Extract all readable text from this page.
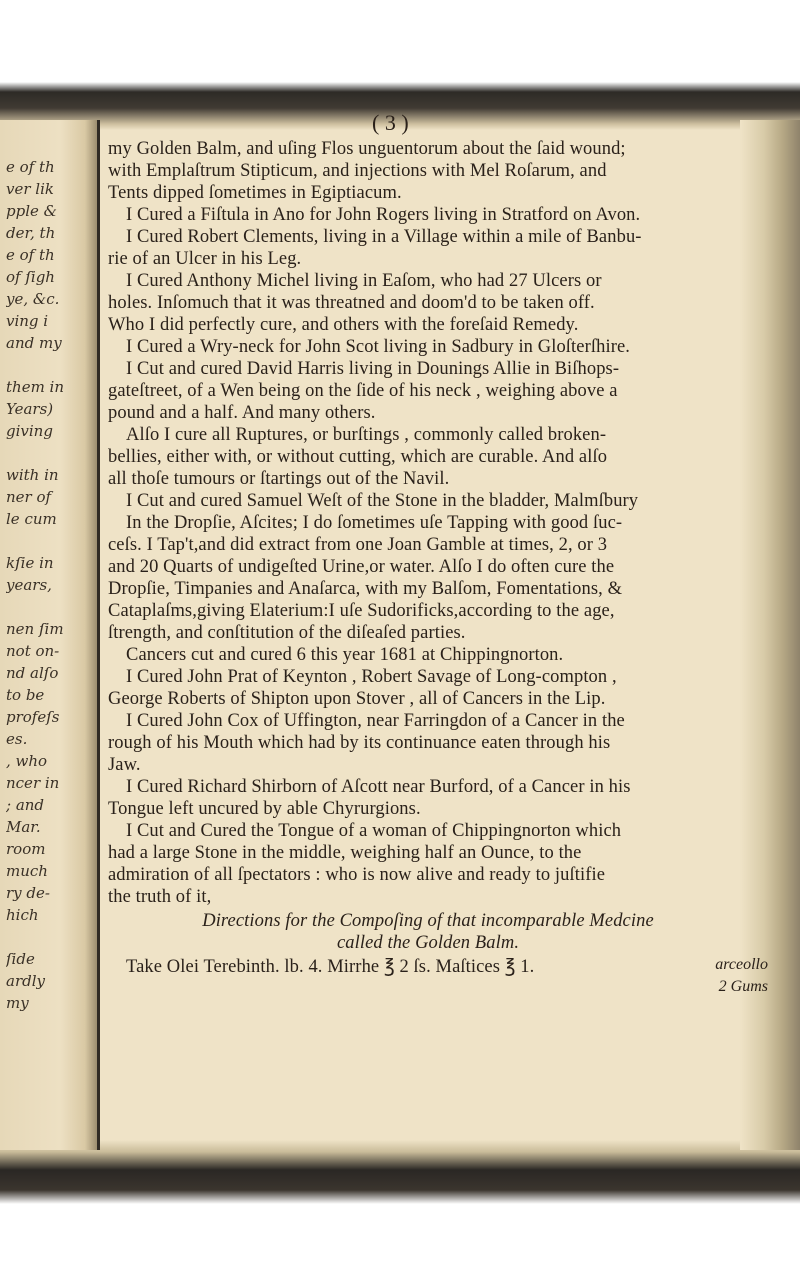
e of th
ver lik
pple &
der, th
e of th
of ſigh
ye, &c.
ving i
and my
them in
Years)
giving
with in
ner of
le cum
kſie in
years,
nen ſim
not on-
nd alſo
to be
profeſs
es.
, who
ncer in
; and
Mar.
room
much
ry de-
hich
ſide
ardly
my
( 3 )
my Golden Balm, and uſing Flos unguentorum about the ſaid wound;
with Emplaſtrum Stipticum, and injections with Mel Roſarum, and
Tents dipped ſometimes in Egiptiacum.
I Cured a Fiſtula in Ano for John Rogers living in Stratford on Avon.
I Cured Robert Clements, living in a Village within a mile of Banbu-
rie of an Ulcer in his Leg.
I Cured Anthony Michel living in Eaſom, who had 27 Ulcers or
holes. Inſomuch that it was threatned and doom'd to be taken off.
Who I did perfectly cure, and others with the foreſaid Remedy.
I Cured a Wry-neck for John Scot living in Sadbury in Gloſterſhire.
I Cut and cured David Harris living in Dounings Allie in Biſhops-
gateſtreet, of a Wen being on the ſide of his neck , weighing above a
pound and a half. And many others.
Alſo I cure all Ruptures, or burſtings , commonly called broken-
bellies, either with, or without cutting, which are curable. And alſo
all thoſe tumours or ſtartings out of the Navil.
I Cut and cured Samuel Weſt of the Stone in the bladder, Malmſbury
In the Dropſie, Aſcites; I do ſometimes uſe Tapping with good ſuc-
ceſs. I Tap't,and did extract from one Joan Gamble at times, 2, or 3
and 20 Quarts of undigeſted Urine,or water. Alſo I do often cure the
Dropſie, Timpanies and Anaſarca, with my Balſom, Fomentations, &
Cataplaſms,giving Elaterium:I uſe Sudorificks,according to the age,
ſtrength, and conſtitution of the diſeaſed parties.
Cancers cut and cured 6 this year 1681 at Chippingnorton.
I Cured John Prat of Keynton , Robert Savage of Long-compton ,
George Roberts of Shipton upon Stover , all of Cancers in the Lip.
I Cured John Cox of Uffington, near Farringdon of a Cancer in the
rough of his Mouth which had by its continuance eaten through his
Jaw.
I Cured Richard Shirborn of Aſcott near Burford, of a Cancer in his
Tongue left uncured by able Chyrurgions.
I Cut and Cured the Tongue of a woman of Chippingnorton which
had a large Stone in the middle, weighing half an Ounce, to the
admiration of all ſpectators : who is now alive and ready to juſtifie
the truth of it,
Directions for the Compoſing of that incomparable Medcine
called the Golden Balm.
Take Olei Terebinth. lb. 4. Mirrhe ℥ 2 ſs. Maſtices ℥ 1.	arceollo
2 Gums
